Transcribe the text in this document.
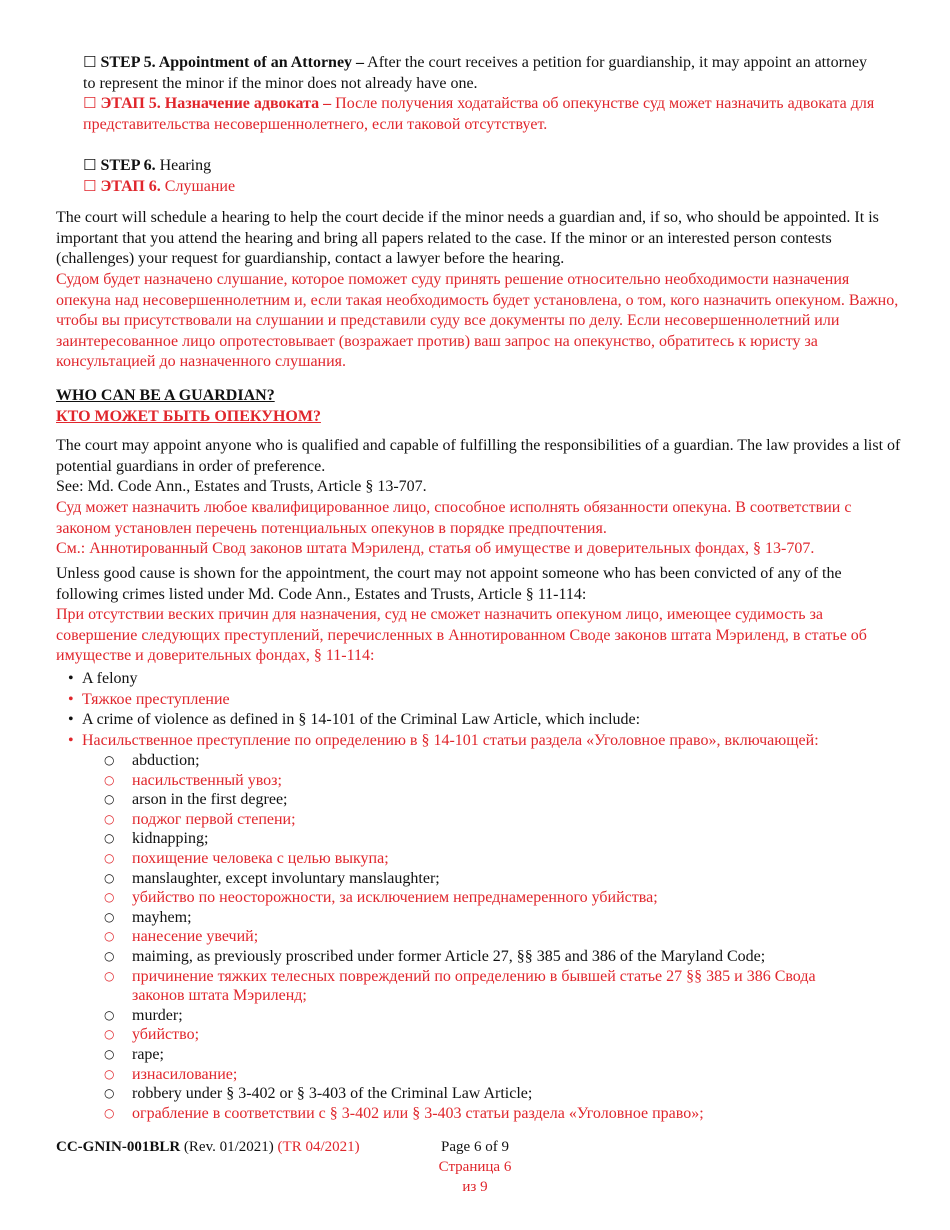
☐ STEP 5. Appointment of an Attorney – After the court receives a petition for guardianship, it may appoint an attorney to represent the minor if the minor does not already have one.

☐ ЭТАП 5. Назначение адвоката – После получения ходатайства об опекунстве суд может назначить адвоката для представительства несовершеннолетнего, если таковой отсутствует.

☐ STEP 6. Hearing

☐ ЭТАП 6. Слушание

The court will schedule a hearing to help the court decide if the minor needs a guardian and, if so, who should be appointed. It is important that you attend the hearing and bring all papers related to the case. If the minor or an interested person contests (challenges) your request for guardianship, contact a lawyer before the hearing.

Судом будет назначено слушание, которое поможет суду принять решение относительно необходимости назначения опекуна над несовершеннолетним и, если такая необходимость будет установлена, о том, кого назначить опекуном. Важно, чтобы вы присутствовали на слушании и представили суду все документы по делу. Если несовершеннолетний или заинтересованное лицо опротестовывает (возражает против) ваш запрос на опекунство, обратитесь к юристу за консультацией до назначенного слушания.

WHO CAN BE A GUARDIAN?

КТО МОЖЕТ БЫТЬ ОПЕКУНОМ?

The court may appoint anyone who is qualified and capable of fulfilling the responsibilities of a guardian. The law provides a list of potential guardians in order of preference.
See: Md. Code Ann., Estates and Trusts, Article § 13-707.

Суд может назначить любое квалифицированное лицо, способное исполнять обязанности опекуна. В соответствии с законом установлен перечень потенциальных опекунов в порядке предпочтения.
См.: Аннотированный Свод законов штата Мэриленд, статья об имуществе и доверительных фондах, § 13-707.

Unless good cause is shown for the appointment, the court may not appoint someone who has been convicted of any of the following crimes listed under Md. Code Ann., Estates and Trusts, Article § 11-114:

При отсутствии веских причин для назначения, суд не сможет назначить опекуном лицо, имеющее судимость за совершение следующих преступлений, перечисленных в Аннотированном Своде законов штата Мэриленд, в статье об имуществе и доверительных фондах, § 11-114:

• A felony
• Тяжкое преступление
• A crime of violence as defined in § 14-101 of the Criminal Law Article, which include:
• Насильственное преступление по определению в § 14-101 статьи раздела «Уголовное право», включающей:
○ abduction;
○ насильственный увоз;
○ arson in the first degree;
○ поджог первой степени;
○ kidnapping;
○ похищение человека с целью выкупа;
○ manslaughter, except involuntary manslaughter;
○ убийство по неосторожности, за исключением непреднамеренного убийства;
○ mayhem;
○ нанесение увечий;
○ maiming, as previously proscribed under former Article 27, §§ 385 and 386 of the Maryland Code;
○ причинение тяжких телесных повреждений по определению в бывшей статье 27 §§ 385 и 386 Свода законов штата Мэриленд;
○ murder;
○ убийство;
○ rape;
○ изнасилование;
○ robbery under § 3-402 or § 3-403 of the Criminal Law Article;
○ ограбление в соответствии с § 3-402 или § 3-403 статьи раздела «Уголовное право»;
CC-GNIN-001BLR (Rev. 01/2021) (TR 04/2021)	Page 6 of 9
Страница 6 из 9
